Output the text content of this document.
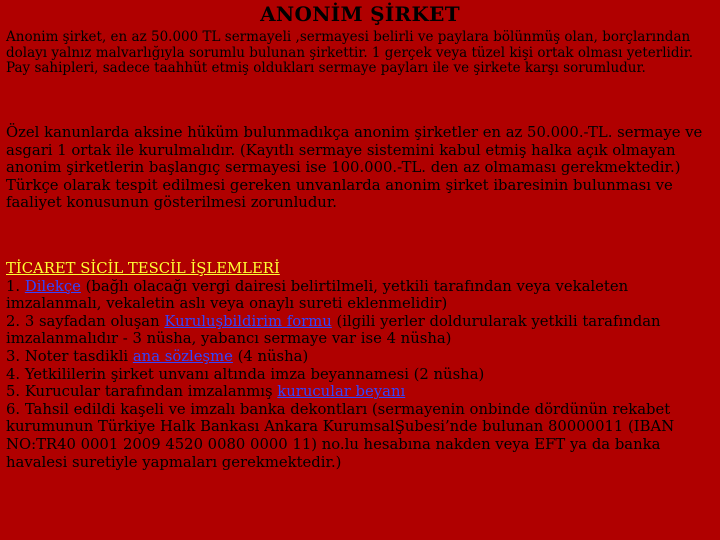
ANONİM ŞİRKET

Anonim şirket, en az 50.000 TL sermayeli ,sermayesi belirli ve paylara bölünmüş olan, borçlarından dolayı yalnız malvarlığıyla sorumlu bulunan şirkettir. 1 gerçek veya tüzel kişi ortak olması yeterlidir. Pay sahipleri, sadece taahhüt etmiş oldukları sermaye payları ile ve şirkete karşı sorumludur.

Özel kanunlarda aksine hüküm bulunmadıkça anonim şirketler en az 50.000.-TL. sermaye ve asgari 1 ortak ile kurulmalıdır. (Kayıtlı sermaye sistemini kabul etmiş halka açık olmayan anonim şirketlerin başlangıç sermayesi ise 100.000.-TL. den az olmaması gerekmektedir.)

Türkçe olarak tespit edilmesi gereken unvanlarda anonim şirket ibaresinin bulunması ve faaliyet konusunun gösterilmesi zorunludur.

TİCARET SİCİL TESCİL İŞLEMLERİ

1. Dilekçe (bağlı olacağı vergi dairesi belirtilmeli, yetkili tarafından veya vekaleten imzalanmalı, vekaletin aslı veya onaylı sureti eklenmelidir)

2. 3 sayfadan oluşan Kuruluşbildirim formu (ilgili yerler doldurularak yetkili tarafından imzalanmalıdır - 3 nüsha, yabancı sermaye var ise 4 nüsha)

3. Noter tasdikli ana sözleşme (4 nüsha)

4. Yetkililerin şirket unvanı altında imza beyannamesi (2 nüsha)

5. Kurucular tarafından imzalanmış kurucular beyanı

6. Tahsil edildi kaşeli ve imzalı banka dekontları (sermayenin onbinde dördünün rekabet kurumunun Türkiye Halk Bankası Ankara KurumsalŞubesi’nde bulunan 80000011 (IBAN NO:TR40 0001 2009 4520 0080 0000 11) no.lu hesabına nakden veya EFT ya da banka havalesi suretiyle yapmaları gerekmektedir.)
